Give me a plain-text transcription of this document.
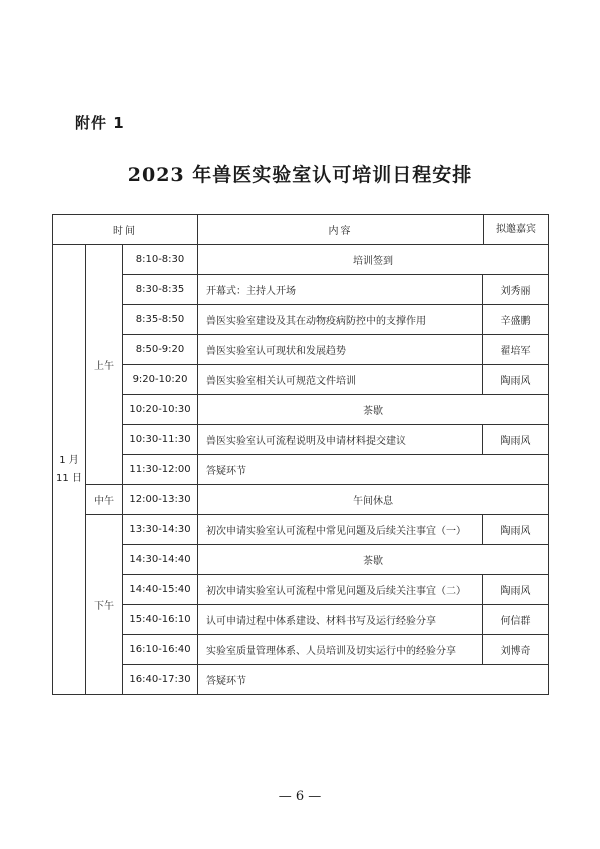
附件 1
2023 年兽医实验室认可培训日程安排
时间			内容 拟邀嘉宾	

1 月
11 日	上午	8:10-8:30	培训签到	
		8:30-8:35	开幕式：主持人开场	刘秀丽
		8:35-8:50	兽医实验室建设及其在动物疫病防控中的支撑作用	辛盛鹏
		8:50-9:20	兽医实验室认可现状和发展趋势	翟培军
		9:20-10:20	兽医实验室相关认可规范文件培训	陶雨风
		10:20-10:30	茶歇	
		10:30-11:30	兽医实验室认可流程说明及申请材料提交建议	陶雨风
		11:30-12:00	答疑环节	
	中午	12:00-13:30	午间休息	
	下午	13:30-14:30	初次申请实验室认可流程中常见问题及后续关注事宜（一）	陶雨风
		14:30-14:40	茶歇	
		14:40-15:40	初次申请实验室认可流程中常见问题及后续关注事宜（二）	陶雨风
		15:40-16:10	认可申请过程中体系建设、材料书写及运行经验分享	何信群
		16:10-16:40	实验室质量管理体系、人员培训及切实运行中的经验分享	刘博奇
		16:40-17:30	答疑环节	
— 6 —
